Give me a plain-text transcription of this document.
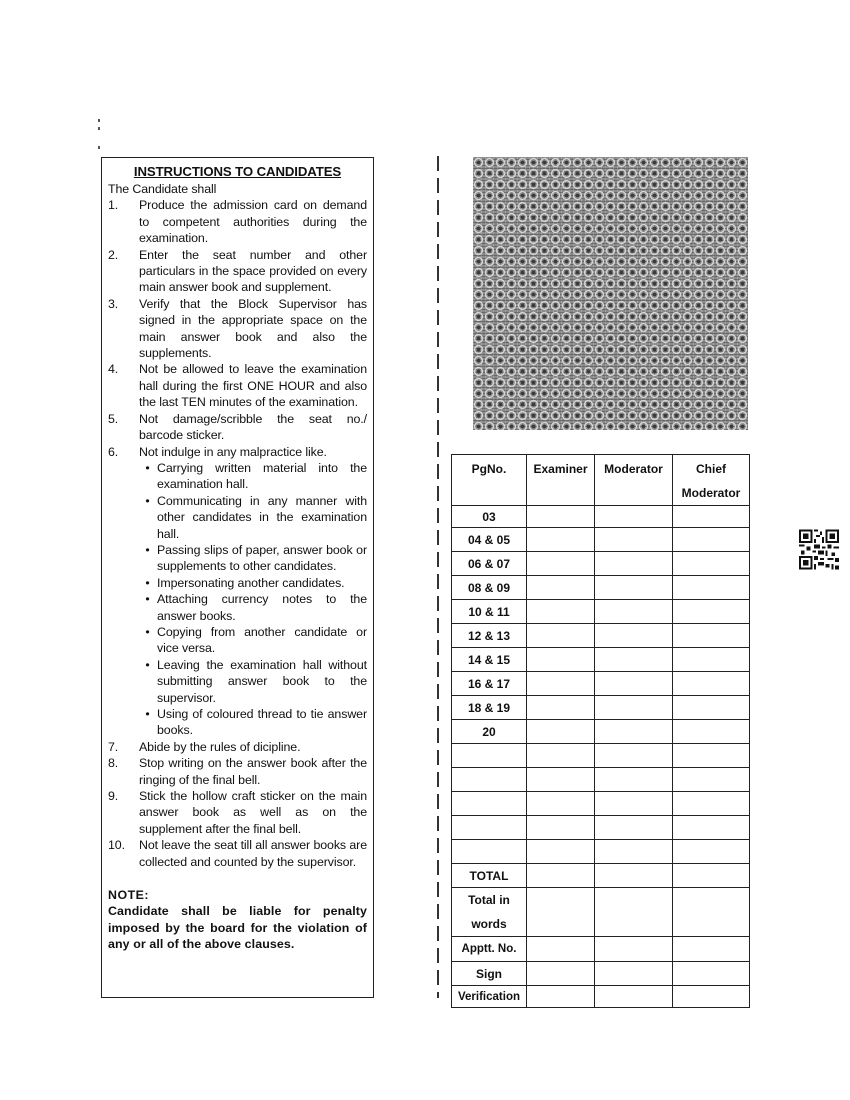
INSTRUCTIONS TO CANDIDATES

The Candidate shall

1.	Produce the admission card on demand to competent authorities during the examination.
2.	Enter the seat number and other particulars in the space provided on every main answer book and supplement.
3.	Verify that the Block Supervisor has signed in the appropriate space on the main answer book and also the supplements.
4.	Not be allowed to leave the examination hall during the first ONE HOUR and also the last TEN minutes of the examination.
5.	Not damage/scribble the seat no./ barcode sticker.
6.	Not indulge in any malpractice like.
• Carrying written material into the examination hall.
• Communicating in any manner with other candidates in the examination hall.
• Passing slips of paper, answer book or supplements to other candidates.
• Impersonating another candidates.
• Attaching currency notes to the answer books.
• Copying from another candidate or vice versa.
• Leaving the examination hall without submitting answer book to the supervisor.
• Using of coloured thread to tie answer books.
7.	Abide by the rules of dicipline.
8.	Stop writing on the answer book after the ringing of the final bell.
9.	Stick the hollow craft sticker on the main answer book as well as on the supplement after the final bell.
10.	Not leave the seat till all answer books are collected and counted by the supervisor.
NOTE:
Candidate shall be liable for penalty imposed by the board for the violation of any or all of the above clauses.
PgNo.	Examiner	Moderator	Chief Moderator
03			
04 & 05			
06 & 07			
08 & 09			
10 & 11			
12 & 13			
14 & 15			
16 & 17			
18 & 19			
20			

TOTAL			
Total in words			
Apptt. No.			
Sign			
Verification			
